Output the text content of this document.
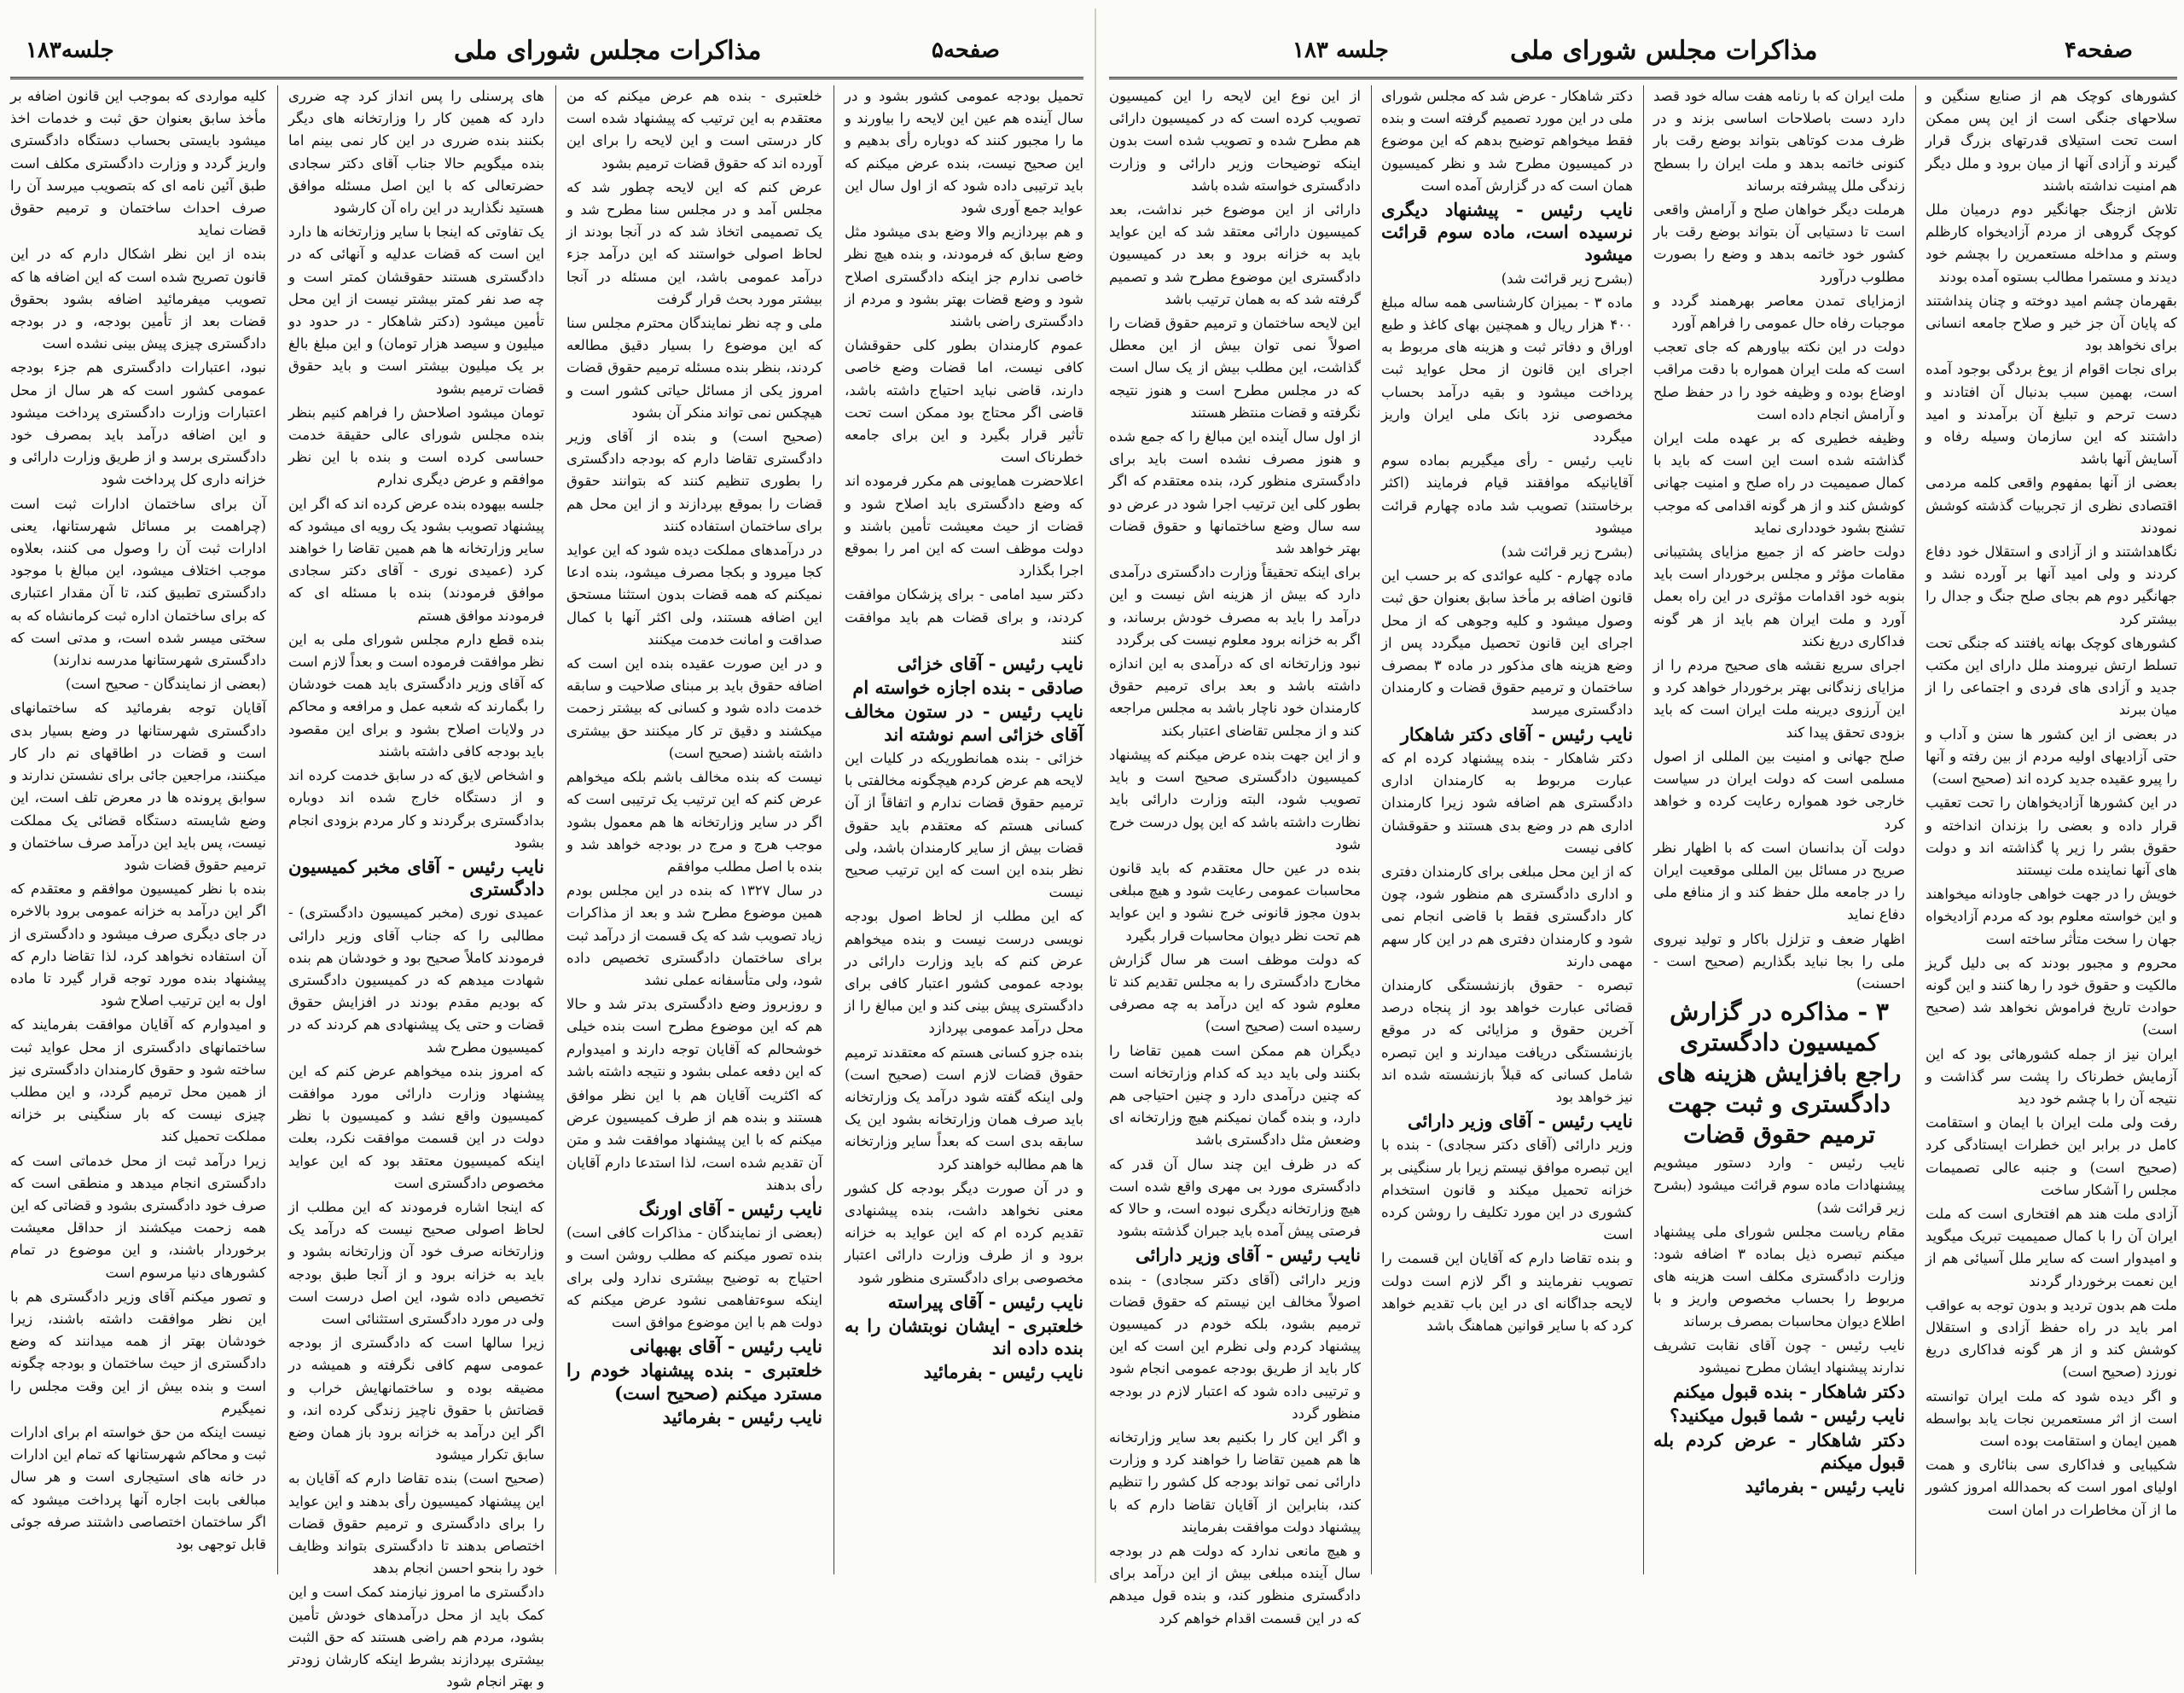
جلسه۱۸۳	مذاکرات مجلس شورای ملی	صفحه۵

کلیه مواردی که بموجب این قانون اضافه بر مأخذ سابق بعنوان حق ثبت و خدمات اخذ میشود بایستی بحساب دستگاه دادگستری واریز گردد و وزارت دادگستری مکلف است طبق آئین نامه ای که بتصویب میرسد آن را صرف احداث ساختمان و ترمیم حقوق قضات نماید

بنده از این نظر اشکال دارم که در این قانون تصریح شده است که این اضافه ها که تصویب میفرمائید اضافه بشود بحقوق قضات بعد از تأمین بودجه، و در بودجه دادگستری چیزی پیش بینی نشده است

نبود، اعتبارات دادگستری هم جزء بودجه عمومی کشور است که هر سال از محل اعتبارات وزارت دادگستری پرداخت میشود و این اضافه درآمد باید بمصرف خود دادگستری برسد و از طریق وزارت دارائی و خزانه داری کل پرداخت شود

آن برای ساختمان ادارات ثبت است (چراهمت بر مسائل شهرستانها، یعنی ادارات ثبت آن را وصول می کنند، بعلاوه موجب اختلاف میشود، این مبالغ با موجود دادگستری تطبیق کند، تا آن مقدار اعتباری که برای ساختمان اداره ثبت کرمانشاه که به سختی میسر شده است، و مدتی است که دادگستری شهرستانها مدرسه ندارند)

(بعضی از نمایندگان - صحیح است)

آقایان توجه بفرمائید که ساختمانهای دادگستری شهرستانها در وضع بسیار بدی است و قضات در اطاقهای نم دار کار میکنند، مراجعین جائی برای نشستن ندارند و سوابق پرونده ها در معرض تلف است، این وضع شایسته دستگاه قضائی یک مملکت نیست، پس باید این درآمد صرف ساختمان و ترمیم حقوق قضات شود

بنده با نظر کمیسیون موافقم و معتقدم که اگر این درآمد به خزانه عمومی برود بالاخره در جای دیگری صرف میشود و دادگستری از آن استفاده نخواهد کرد، لذا تقاضا دارم که پیشنهاد بنده مورد توجه قرار گیرد تا ماده اول به این ترتیب اصلاح شود

و امیدوارم که آقایان موافقت بفرمایند که ساختمانهای دادگستری از محل عواید ثبت ساخته شود و حقوق کارمندان دادگستری نیز از همین محل ترمیم گردد، و این مطلب چیزی نیست که بار سنگینی بر خزانه مملکت تحمیل کند

زیرا درآمد ثبت از محل خدماتی است که دادگستری انجام میدهد و منطقی است که صرف خود دادگستری بشود و قضاتی که این همه زحمت میکشند از حداقل معیشت برخوردار باشند، و این موضوع در تمام کشورهای دنیا مرسوم است

و تصور میکنم آقای وزیر دادگستری هم با این نظر موافقت داشته باشند، زیرا خودشان بهتر از همه میدانند که وضع دادگستری از حیث ساختمان و بودجه چگونه است و بنده بیش از این وقت مجلس را نمیگیرم

نیست اینکه من حق خواسته ام برای ادارات ثبت و محاکم شهرستانها که تمام این ادارات در خانه های استیجاری است و هر سال مبالغی بابت اجاره آنها پرداخت میشود که اگر ساختمان اختصاصی داشتند صرفه جوئی قابل توجهی بود

های پرسنلی را پس انداز کرد چه ضرری دارد که همین کار را وزارتخانه های دیگر بکنند بنده ضرری در این کار نمی بینم اما بنده میگویم حالا جناب آقای دکتر سجادی حضرتعالی که با این اصل مسئله موافق هستید نگذارید در این راه آن کارشود

یک تفاوتی که اینجا با سایر وزارتخانه ها دارد این است که قضات عدلیه و آنهائی که در دادگستری هستند حقوقشان کمتر است و چه صد نفر کمتر بیشتر نیست از این محل تأمین میشود (دکتر شاهکار - در حدود دو میلیون و سیصد هزار تومان) و این مبلغ بالغ بر یک میلیون بیشتر است و باید حقوق قضات ترمیم بشود

تومان میشود اصلاحش را فراهم کنیم بنظر بنده مجلس شورای عالی حقیقة خدمت حساسی کرده است و بنده با این نظر موافقم و عرض دیگری ندارم

جلسه بیهوده بنده عرض کرده اند که اگر این پیشنهاد تصویب بشود یک رویه ای میشود که سایر وزارتخانه ها هم همین تقاضا را خواهند کرد (عمیدی نوری - آقای دکتر سجادی موافق فرمودند) بنده با مسئله ای که فرمودند موافق هستم

بنده قطع دارم مجلس شورای ملی به این نظر موافقت فرموده است و بعداً لازم است که آقای وزیر دادگستری باید همت خودشان را بگمارند که شعبه عمل و مرافعه و محاکم در ولایات اصلاح بشود و برای این مقصود باید بودجه کافی داشته باشند

و اشخاص لایق که در سابق خدمت کرده اند و از دستگاه خارج شده اند دوباره بدادگستری برگردند و کار مردم بزودی انجام بشود

نایب رئیس - آقای مخبر کمیسیون دادگستری

عمیدی نوری (مخبر کمیسیون دادگستری) - مطالبی را که جناب آقای وزیر دارائی فرمودند کاملاً صحیح بود و خودشان هم بنده شهادت میدهم که در کمیسیون دادگستری که بودیم مقدم بودند در افزایش حقوق قضات و حتی یک پیشنهادی هم کردند که در کمیسیون مطرح شد

که امروز بنده میخواهم عرض کنم که این پیشنهاد وزارت دارائی مورد موافقت کمیسیون واقع نشد و کمیسیون با نظر دولت در این قسمت موافقت نکرد، بعلت اینکه کمیسیون معتقد بود که این عواید مخصوص دادگستری است

که اینجا اشاره فرمودند که این مطلب از لحاظ اصولی صحیح نیست که درآمد یک وزارتخانه صرف خود آن وزارتخانه بشود و باید به خزانه برود و از آنجا طبق بودجه تخصیص داده شود، این اصل درست است ولی در مورد دادگستری استثنائی است

زیرا سالها است که دادگستری از بودجه عمومی سهم کافی نگرفته و همیشه در مضیقه بوده و ساختمانهایش خراب و قضاتش با حقوق ناچیز زندگی کرده اند، و اگر این درآمد به خزانه برود باز همان وضع سابق تکرار میشود

(صحیح است) بنده تقاضا دارم که آقایان به این پیشنهاد کمیسیون رأی بدهند و این عواید را برای دادگستری و ترمیم حقوق قضات اختصاص بدهند تا دادگستری بتواند وظایف خود را بنحو احسن انجام بدهد

دادگستری ما امروز نیازمند کمک است و این کمک باید از محل درآمدهای خودش تأمین بشود، مردم هم راضی هستند که حق الثبت بیشتری بپردازند بشرط اینکه کارشان زودتر و بهتر انجام شود

خلعتبری - بنده هم عرض میکنم که من معتقدم به این ترتیب که پیشنهاد شده است کار درستی است و این لایحه را برای این آورده اند که حقوق قضات ترمیم بشود

عرض کنم که این لایحه چطور شد که مجلس آمد و در مجلس سنا مطرح شد و یک تصمیمی اتخاذ شد که در آنجا بودند از لحاظ اصولی خواستند که این درآمد جزء درآمد عمومی باشد، این مسئله در آنجا بیشتر مورد بحث قرار گرفت

ملی و چه نظر نمایندگان محترم مجلس سنا که این موضوع را بسیار دقیق مطالعه کردند، بنظر بنده مسئله ترمیم حقوق قضات امروز یکی از مسائل حیاتی کشور است و هیچکس نمی تواند منکر آن بشود

(صحیح است) و بنده از آقای وزیر دادگستری تقاضا دارم که بودجه دادگستری را بطوری تنظیم کنند که بتوانند حقوق قضات را بموقع بپردازند و از این محل هم برای ساختمان استفاده کنند

در درآمدهای مملکت دیده شود که این عواید کجا میرود و بکجا مصرف میشود، بنده ادعا نمیکنم که همه قضات بدون استثنا مستحق این اضافه هستند، ولی اکثر آنها با کمال صداقت و امانت خدمت میکنند

و در این صورت عقیده بنده این است که اضافه حقوق باید بر مبنای صلاحیت و سابقه خدمت داده شود و کسانی که بیشتر زحمت میکشند و دقیق تر کار میکنند حق بیشتری داشته باشند (صحیح است)

نیست که بنده مخالف باشم بلکه میخواهم عرض کنم که این ترتیب یک ترتیبی است که اگر در سایر وزارتخانه ها هم معمول بشود موجب هرج و مرج در بودجه خواهد شد و بنده با اصل مطلب موافقم

در سال ۱۳۲۷ که بنده در این مجلس بودم همین موضوع مطرح شد و بعد از مذاکرات زیاد تصویب شد که یک قسمت از درآمد ثبت برای ساختمان دادگستری تخصیص داده شود، ولی متأسفانه عملی نشد

و روزبروز وضع دادگستری بدتر شد و حالا هم که این موضوع مطرح است بنده خیلی خوشحالم که آقایان توجه دارند و امیدوارم که این دفعه عملی بشود و نتیجه داشته باشد

که اکثریت آقایان هم با این نظر موافق هستند و بنده هم از طرف کمیسیون عرض میکنم که با این پیشنهاد موافقت شد و متن آن تقدیم شده است، لذا استدعا دارم آقایان رأی بدهند

نایب رئیس - آقای اورنگ

(بعضی از نمایندگان - مذاکرات کافی است) بنده تصور میکنم که مطلب روشن است و احتیاج به توضیح بیشتری ندارد ولی برای اینکه سوءتفاهمی نشود عرض میکنم که دولت هم با این موضوع موافق است

نایب رئیس - آقای بهبهانی

خلعتبری - بنده پیشنهاد خودم را مسترد میکنم (صحیح است)

نایب رئیس - بفرمائید

تحمیل بودجه عمومی کشور بشود و در سال آینده هم عین این لایحه را بیاورند و ما را مجبور کنند که دوباره رأی بدهیم و این صحیح نیست، بنده عرض میکنم که باید ترتیبی داده شود که از اول سال این عواید جمع آوری شود

و هم بپردازیم والا وضع بدی میشود مثل وضع سابق که فرمودند، و بنده هیچ نظر خاصی ندارم جز اینکه دادگستری اصلاح شود و وضع قضات بهتر بشود و مردم از دادگستری راضی باشند

عموم کارمندان بطور کلی حقوقشان کافی نیست، اما قضات وضع خاصی دارند، قاضی نباید احتیاج داشته باشد، قاضی اگر محتاج بود ممکن است تحت تأثیر قرار بگیرد و این برای جامعه خطرناک است

اعلاحضرت همایونی هم مکرر فرموده اند که وضع دادگستری باید اصلاح شود و قضات از حیث معیشت تأمین باشند و دولت موظف است که این امر را بموقع اجرا بگذارد

دکتر سید امامی - برای پزشکان موافقت کردند، و برای قضات هم باید موافقت کنند

نایب رئیس - آقای خزائی

صادقی - بنده اجازه خواسته ام

نایب رئیس - در ستون مخالف آقای خزائی اسم نوشته اند

خزائی - بنده همانطوریکه در کلیات این لایحه هم عرض کردم هیچگونه مخالفتی با ترمیم حقوق قضات ندارم و اتفاقاً از آن کسانی هستم که معتقدم باید حقوق قضات بیش از سایر کارمندان باشد، ولی نظر بنده این است که این ترتیب صحیح نیست

که این مطلب از لحاظ اصول بودجه نویسی درست نیست و بنده میخواهم عرض کنم که باید وزارت دارائی در بودجه عمومی کشور اعتبار کافی برای دادگستری پیش بینی کند و این مبالغ را از محل درآمد عمومی بپردازد

بنده جزو کسانی هستم که معتقدند ترمیم حقوق قضات لازم است (صحیح است) ولی اینکه گفته شود درآمد یک وزارتخانه باید صرف همان وزارتخانه بشود این یک سابقه بدی است که بعداً سایر وزارتخانه ها هم مطالبه خواهند کرد

و در آن صورت دیگر بودجه کل کشور معنی نخواهد داشت، بنده پیشنهادی تقدیم کرده ام که این عواید به خزانه برود و از طرف وزارت دارائی اعتبار مخصوصی برای دادگستری منظور شود

نایب رئیس - آقای پیراسته

خلعتبری - ایشان نوبتشان را به بنده داده اند

نایب رئیس - بفرمائید

مذاکرات مجلس شورای ملی
جلسه ۱۸۳	صفحه۴

از این نوع این لایحه را این کمیسیون تصویب کرده است که در کمیسیون دارائی هم مطرح شده و تصویب شده است بدون اینکه توضیحات وزیر دارائی و وزارت دادگستری خواسته شده باشد

دارائی از این موضوع خبر نداشت، بعد کمیسیون دارائی معتقد شد که این عواید باید به خزانه برود و بعد در کمیسیون دادگستری این موضوع مطرح شد و تصمیم گرفته شد که به همان ترتیب باشد

این لایحه ساختمان و ترمیم حقوق قضات را اصولاً نمی توان بیش از این معطل گذاشت، این مطلب بیش از یک سال است که در مجلس مطرح است و هنوز نتیجه نگرفته و قضات منتظر هستند

از اول سال آینده این مبالغ را که جمع شده و هنوز مصرف نشده است باید برای دادگستری منظور کرد، بنده معتقدم که اگر بطور کلی این ترتیب اجرا شود در عرض دو سه سال وضع ساختمانها و حقوق قضات بهتر خواهد شد

برای اینکه تحقیقاً وزارت دادگستری درآمدی دارد که بیش از هزینه اش نیست و این درآمد را باید به مصرف خودش برساند، و اگر به خزانه برود معلوم نیست کی برگردد

نبود وزارتخانه ای که درآمدی به این اندازه داشته باشد و بعد برای ترمیم حقوق کارمندان خود ناچار باشد به مجلس مراجعه کند و از مجلس تقاضای اعتبار بکند

و از این جهت بنده عرض میکنم که پیشنهاد کمیسیون دادگستری صحیح است و باید تصویب شود، البته وزارت دارائی باید نظارت داشته باشد که این پول درست خرج شود

بنده در عین حال معتقدم که باید قانون محاسبات عمومی رعایت شود و هیچ مبلغی بدون مجوز قانونی خرج نشود و این عواید هم تحت نظر دیوان محاسبات قرار بگیرد

که دولت موظف است هر سال گزارش مخارج دادگستری را به مجلس تقدیم کند تا معلوم شود که این درآمد به چه مصرفی رسیده است (صحیح است)

دیگران هم ممکن است همین تقاضا را بکنند ولی باید دید که کدام وزارتخانه است که چنین درآمدی دارد و چنین احتیاجی هم دارد، و بنده گمان نمیکنم هیچ وزارتخانه ای وضعش مثل دادگستری باشد

که در ظرف این چند سال آن قدر که دادگستری مورد بی مهری واقع شده است هیچ وزارتخانه دیگری نبوده است، و حالا که فرصتی پیش آمده باید جبران گذشته بشود

نایب رئیس - آقای وزیر دارائی

وزیر دارائی (آقای دکتر سجادی) - بنده اصولاً مخالف این نیستم که حقوق قضات ترمیم بشود، بلکه خودم در کمیسیون پیشنهاد کردم ولی نظرم این است که این کار باید از طریق بودجه عمومی انجام شود و ترتیبی داده شود که اعتبار لازم در بودجه منظور گردد

و اگر این کار را بکنیم بعد سایر وزارتخانه ها هم همین تقاضا را خواهند کرد و وزارت دارائی نمی تواند بودجه کل کشور را تنظیم کند، بنابراین از آقایان تقاضا دارم که با پیشنهاد دولت موافقت بفرمایند

و هیچ مانعی ندارد که دولت هم در بودجه سال آینده مبلغی بیش از این درآمد برای دادگستری منظور کند، و بنده قول میدهم که در این قسمت اقدام خواهم کرد

دکتر شاهکار - عرض شد که مجلس شورای ملی در این مورد تصمیم گرفته است و بنده فقط میخواهم توضیح بدهم که این موضوع در کمیسیون مطرح شد و نظر کمیسیون همان است که در گزارش آمده است

نایب رئیس - پیشنهاد دیگری نرسیده است، ماده سوم قرائت میشود

(بشرح زیر قرائت شد)

ماده ۳ - بمیزان کارشناسی همه ساله مبلغ ۴۰۰ هزار ریال و همچنین بهای کاغذ و طبع اوراق و دفاتر ثبت و هزینه های مربوط به اجرای این قانون از محل عواید ثبت پرداخت میشود و بقیه درآمد بحساب مخصوصی نزد بانک ملی ایران واریز میگردد

نایب رئیس - رأی میگیریم بماده سوم آقایانیکه موافقند قیام فرمایند (اکثر برخاستند) تصویب شد ماده چهارم قرائت میشود

(بشرح زیر قرائت شد)

ماده چهارم - کلیه عوائدی که بر حسب این قانون اضافه بر مأخذ سابق بعنوان حق ثبت وصول میشود و کلیه وجوهی که از محل اجرای این قانون تحصیل میگردد پس از وضع هزینه های مذکور در ماده ۳ بمصرف ساختمان و ترمیم حقوق قضات و کارمندان دادگستری میرسد

نایب رئیس - آقای دکتر شاهکار

دکتر شاهکار - بنده پیشنهاد کرده ام که عبارت مربوط به کارمندان اداری دادگستری هم اضافه شود زیرا کارمندان اداری هم در وضع بدی هستند و حقوقشان کافی نیست

که از این محل مبلغی برای کارمندان دفتری و اداری دادگستری هم منظور شود، چون کار دادگستری فقط با قاضی انجام نمی شود و کارمندان دفتری هم در این کار سهم مهمی دارند

تبصره - حقوق بازنشستگی کارمندان قضائی عبارت خواهد بود از پنجاه درصد آخرین حقوق و مزایائی که در موقع بازنشستگی دریافت میدارند و این تبصره شامل کسانی که قبلاً بازنشسته شده اند نیز خواهد بود

نایب رئیس - آقای وزیر دارائی

وزیر دارائی (آقای دکتر سجادی) - بنده با این تبصره موافق نیستم زیرا بار سنگینی بر خزانه تحمیل میکند و قانون استخدام کشوری در این مورد تکلیف را روشن کرده است

و بنده تقاضا دارم که آقایان این قسمت را تصویب نفرمایند و اگر لازم است دولت لایحه جداگانه ای در این باب تقدیم خواهد کرد که با سایر قوانین هماهنگ باشد

ملت ایران که با رنامه هفت ساله خود قصد دارد دست باصلاحات اساسی بزند و در ظرف مدت کوتاهی بتواند بوضع رقت بار کنونی خاتمه بدهد و ملت ایران را بسطح زندگی ملل پیشرفته برساند

هرملت دیگر خواهان صلح و آرامش واقعی است تا دستیابی آن بتواند بوضع رقت بار کشور خود خاتمه بدهد و وضع را بصورت مطلوب درآورد

ازمزایای تمدن معاصر بهرهمند گردد و موجبات رفاه حال عمومی را فراهم آورد

دولت در این نکته بیاورهم که جای تعجب است که ملت ایران همواره با دقت مراقب اوضاع بوده و وظیفه خود را در حفظ صلح و آرامش انجام داده است

وظیفه خطیری که بر عهده ملت ایران گذاشته شده است این است که باید با کمال صمیمیت در راه صلح و امنیت جهانی کوشش کند و از هر گونه اقدامی که موجب تشنج بشود خودداری نماید

دولت حاضر که از جمیع مزایای پشتیبانی مقامات مؤثر و مجلس برخوردار است باید بنوبه خود اقدامات مؤثری در این راه بعمل آورد و ملت ایران هم باید از هر گونه فداکاری دریغ نکند

اجرای سریع نقشه های صحیح مردم را از مزایای زندگانی بهتر برخوردار خواهد کرد و این آرزوی دیرینه ملت ایران است که باید بزودی تحقق پیدا کند

صلح جهانی و امنیت بین المللی از اصول مسلمی است که دولت ایران در سیاست خارجی خود همواره رعایت کرده و خواهد کرد

دولت آن بدانسان است که با اظهار نظر صریح در مسائل بین المللی موقعیت ایران را در جامعه ملل حفظ کند و از منافع ملی دفاع نماید

اظهار ضعف و تزلزل باکار و تولید نیروی ملی را بجا نباید بگذاریم (صحیح است - احسنت)

۳ - مذاکره در گزارش کمیسیون دادگستری راجع بافزایش هزینه های دادگستری و ثبت جهت ترمیم حقوق قضات

نایب رئیس - وارد دستور میشویم پیشنهادات ماده سوم قرائت میشود (بشرح زیر قرائت شد)

مقام ریاست مجلس شورای ملی پیشنهاد میکنم تبصره ذیل بماده ۳ اضافه شود: وزارت دادگستری مکلف است هزینه های مربوط را بحساب مخصوص واریز و با اطلاع دیوان محاسبات بمصرف برساند

نایب رئیس - چون آقای نقابت تشریف ندارند پیشنهاد ایشان مطرح نمیشود

دکتر شاهکار - بنده قبول میکنم

نایب رئیس - شما قبول میکنید؟

دکتر شاهکار - عرض کردم بله قبول میکنم

نایب رئیس - بفرمائید

کشورهای کوچک هم از صنایع سنگین و سلاحهای جنگی است از این پس ممکن است تحت استیلای قدرتهای بزرگ قرار گیرند و آزادی آنها از میان برود و ملل دیگر هم امنیت نداشته باشند

تلاش ازجنگ جهانگیر دوم درمیان ملل کوچک گروهی از مردم آزادیخواه کارظلم وستم و مداخله مستعمرین را بچشم خود دیدند و مستمرا مطالب بستوه آمده بودند

بقهرمان چشم امید دوخته و چنان پنداشتند که پایان آن جز خیر و صلاح جامعه انسانی برای نخواهد بود

برای نجات اقوام از یوغ بردگی بوجود آمده است، بهمین سبب بدنبال آن افتادند و دست ترحم و تبلیغ آن برآمدند و امید داشتند که این سازمان وسیله رفاه و آسایش آنها باشد

بعضی از آنها بمفهوم واقعی کلمه مردمی اقتصادی نظری از تجربیات گذشته کوشش نمودند

نگاهداشتند و از آزادی و استقلال خود دفاع کردند و ولی امید آنها بر آورده نشد و جهانگیر دوم هم بجای صلح جنگ و جدال را بیشتر کرد

کشورهای کوچک بهانه یافتند که جنگی تحت تسلط ارتش نیرومند ملل دارای این مکتب جدید و آزادی های فردی و اجتماعی را از میان ببرند

در بعضی از این کشور ها سنن و آداب و حتی آزادیهای اولیه مردم از بین رفته و آنها را پیرو عقیده جدید کرده اند (صحیح است)

در این کشورها آزادیخواهان را تحت تعقیب قرار داده و بعضی را بزندان انداخته و حقوق بشر را زیر پا گذاشته اند و دولت های آنها نماینده ملت نیستند

خویش را در جهت خواهی جاودانه میخواهند و این خواسته معلوم بود که مردم آزادیخواه جهان را سخت متأثر ساخته است

محروم و مجبور بودند که بی دلیل گریز مالکیت و حقوق خود را رها کنند و این گونه حوادث تاریخ فراموش نخواهد شد (صحیح است)

ایران نیز از جمله کشورهائی بود که این آزمایش خطرناک را پشت سر گذاشت و نتیجه آن را با چشم خود دید

رفت ولی ملت ایران با ایمان و استقامت کامل در برابر این خطرات ایستادگی کرد (صحیح است) و جنبه عالی تصمیمات مجلس را آشکار ساخت

آزادی ملت هند هم افتخاری است که ملت ایران آن را با کمال صمیمیت تبریک میگوید و امیدوار است که سایر ملل آسیائی هم از این نعمت برخوردار گردند

ملت هم بدون تردید و بدون توجه به عواقب امر باید در راه حفظ آزادی و استقلال کوشش کند و از هر گونه فداکاری دریغ نورزد (صحیح است)

و اگر دیده شود که ملت ایران توانسته است از اثر مستعمرین نجات یابد بواسطه همین ایمان و استقامت بوده است

شکیبایی و فداکاری سی بنائاری و همت اولیای امور است که بحمدالله امروز کشور ما از آن مخاطرات در امان است
